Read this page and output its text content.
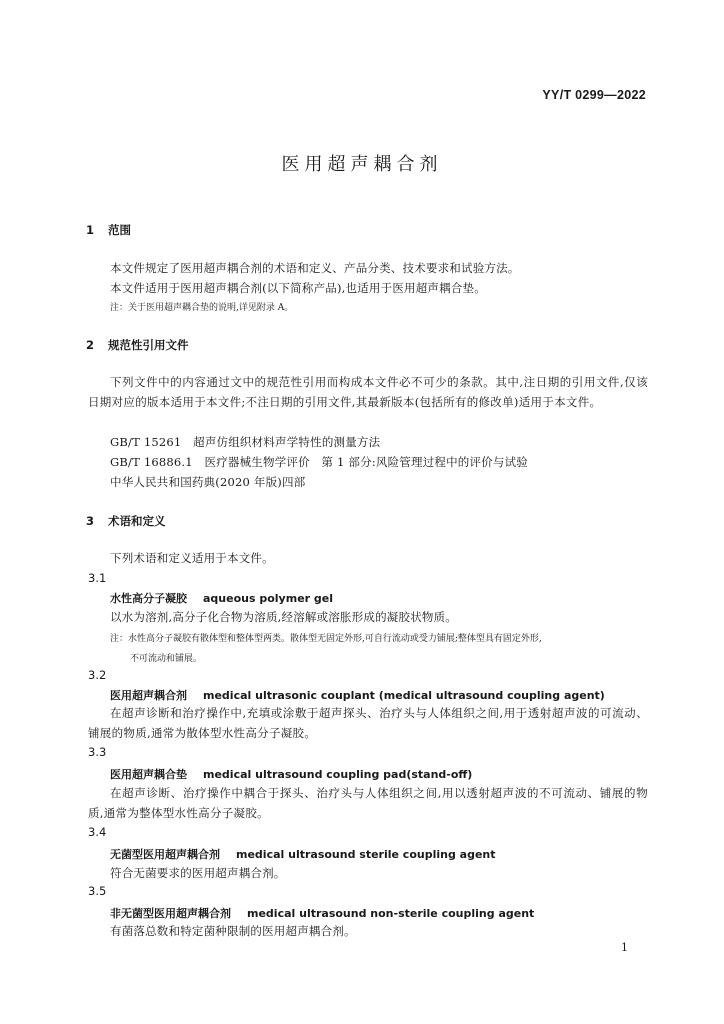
YY/T 0299—2022
医用超声耦合剂
1 范围
本文件规定了医用超声耦合剂的术语和定义、产品分类、技术要求和试验方法。
本文件适用于医用超声耦合剂(以下简称产品),也适用于医用超声耦合垫。
注：关于医用超声耦合垫的说明,详见附录 A。
2 规范性引用文件
下列文件中的内容通过文中的规范性引用而构成本文件必不可少的条款。其中,注日期的引用文件,仅该日期对应的版本适用于本文件;不注日期的引用文件,其最新版本(包括所有的修改单)适用于本文件。
GB/T 15261　超声仿组织材料声学特性的测量方法
GB/T 16886.1　医疗器械生物学评价　第 1 部分:风险管理过程中的评价与试验
中华人民共和国药典(2020 年版)四部
3 术语和定义
下列术语和定义适用于本文件。
3.1
水性高分子凝胶 aqueous polymer gel
以水为溶剂,高分子化合物为溶质,经溶解或溶胀形成的凝胶状物质。
注：水性高分子凝胶有散体型和整体型两类。散体型无固定外形,可自行流动或受力铺展;整体型具有固定外形,
不可流动和铺展。
3.2
医用超声耦合剂 medical ultrasonic couplant (medical ultrasound coupling agent)
在超声诊断和治疗操作中,充填或涂敷于超声探头、治疗头与人体组织之间,用于透射超声波的可流动、铺展的物质,通常为散体型水性高分子凝胶。
3.3
医用超声耦合垫 medical ultrasound coupling pad(stand-off)
在超声诊断、治疗操作中耦合于探头、治疗头与人体组织之间,用以透射超声波的不可流动、铺展的物质,通常为整体型水性高分子凝胶。
3.4
无菌型医用超声耦合剂 medical ultrasound sterile coupling agent
符合无菌要求的医用超声耦合剂。
3.5
非无菌型医用超声耦合剂 medical ultrasound non-sterile coupling agent
有菌落总数和特定菌种限制的医用超声耦合剂。
1
